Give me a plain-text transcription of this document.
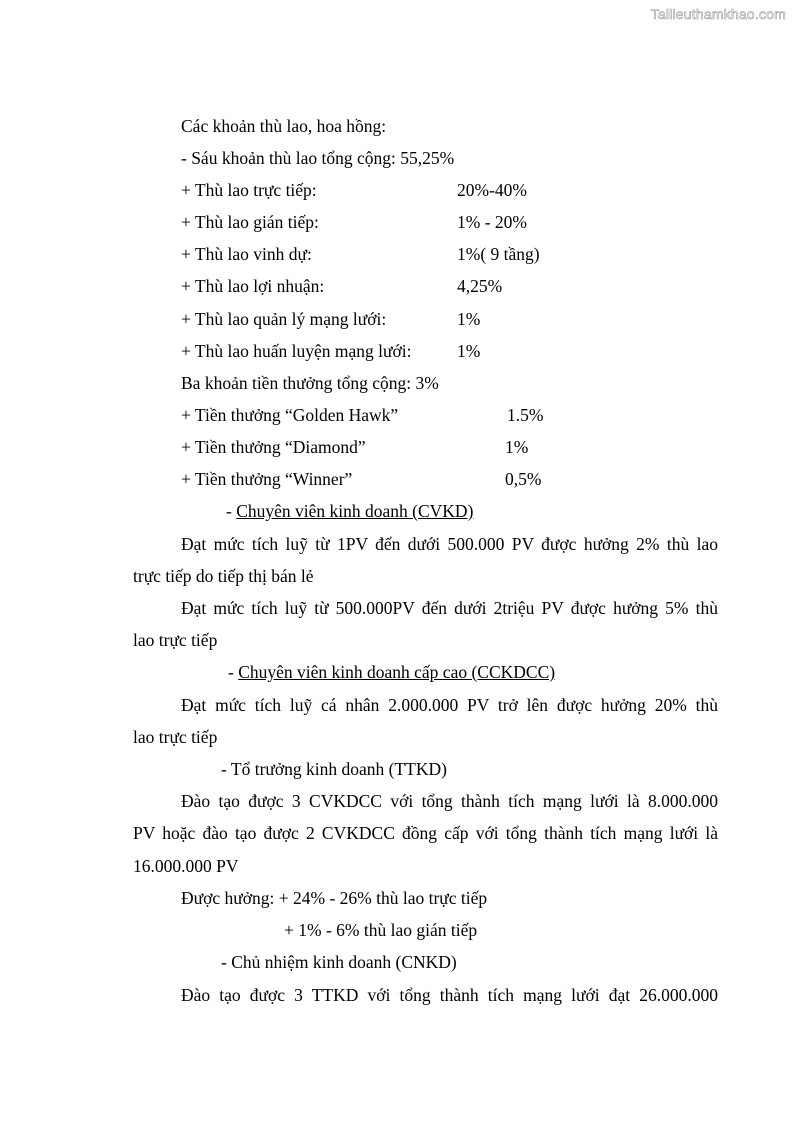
Tailieuthamkhao.com
Các khoản thù lao, hoa hồng:
- Sáu khoản thù lao tổng cộng: 55,25%
+ Thù lao trực tiếp:	20%-40%
+ Thù lao gián tiếp:	1% - 20%
+ Thù lao vinh dự:	1%( 9 tầng)
+ Thù lao lợi nhuận:	4,25%
+ Thù lao quản lý mạng lưới:	1%
+ Thù lao huấn luyện mạng lưới:	1%
Ba khoản tiền thưởng tổng cộng: 3%
+ Tiền thưởng “Golden Hawk”	1.5%
+ Tiền thưởng “Diamond”	1%
+ Tiền thưởng “Winner”	0,5%
- Chuyên viên kinh doanh (CVKD)
Đạt mức tích luỹ từ 1PV đến dưới 500.000 PV được hưởng 2% thù lao
trực tiếp do tiếp thị bán lẻ
Đạt mức tích luỹ từ 500.000PV đến dưới 2triệu PV được hưởng 5% thù
lao trực tiếp
- Chuyên viên kinh doanh cấp cao (CCKDCC)
Đạt mức tích luỹ cá nhân 2.000.000 PV trở lên được hưởng 20% thù
lao trực tiếp
- Tổ trưởng kinh doanh (TTKD)
Đào tạo được 3 CVKDCC với tổng thành tích mạng lưới là 8.000.000
PV hoặc đào tạo được 2 CVKDCC đồng cấp với tổng thành tích mạng lưới là
16.000.000 PV
Được hưởng: + 24% - 26% thù lao trực tiếp
+ 1% - 6% thù lao gián tiếp
- Chủ nhiệm kinh doanh (CNKD)
Đào tạo được 3 TTKD với tổng thành tích mạng lưới đạt 26.000.000
